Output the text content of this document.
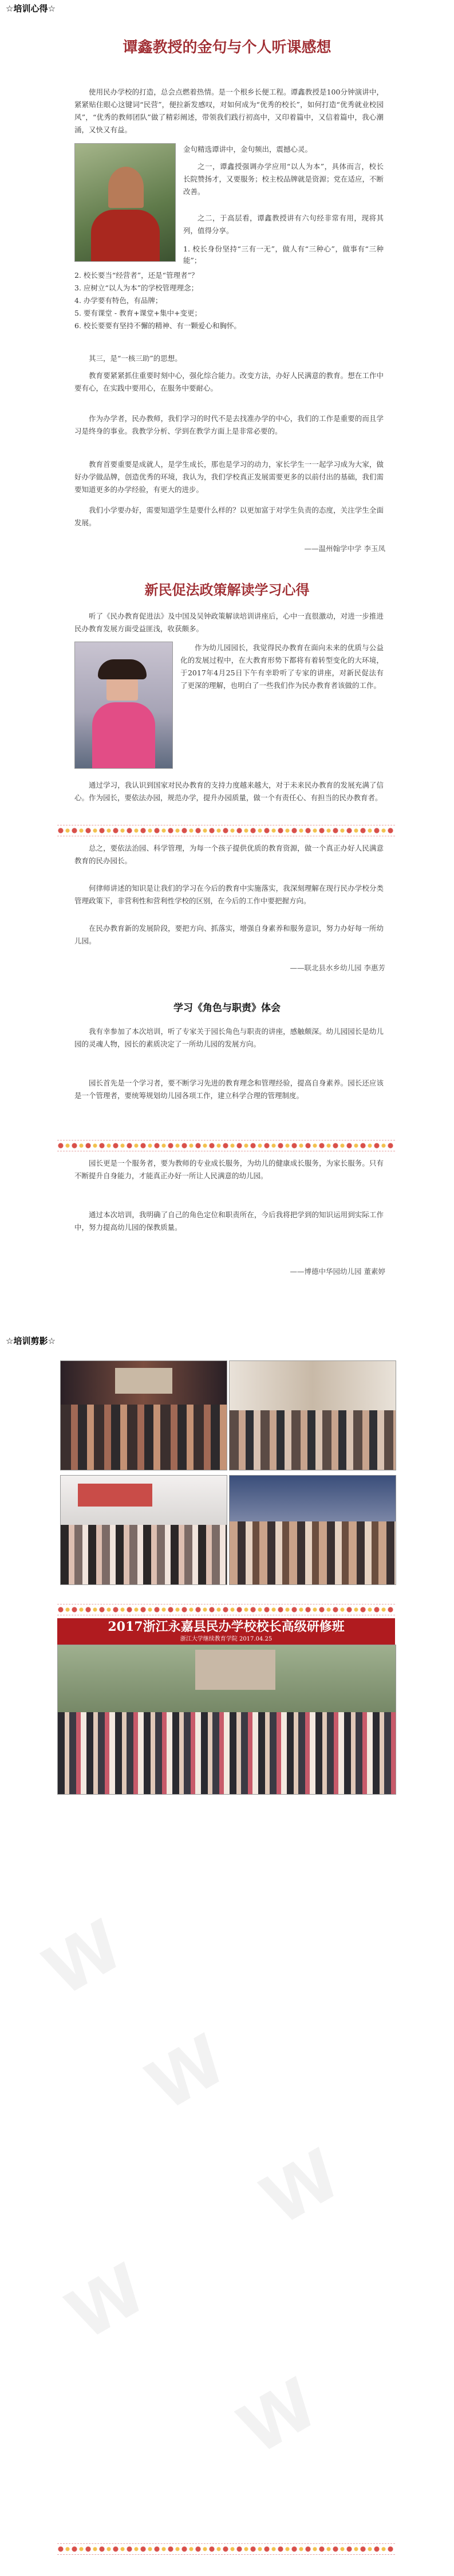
☆培训心得☆
谭鑫教授的金句与个人听课感想

使用民办学校的打造，总会点燃着热情。是一个根乡长便工程。谭鑫教授是100分钟演讲中，紧紧贴住眼心这键词“民营”，便拉新发感叹，对如何成为“优秀的校长”，如何打造“优秀就业校园风”，“优秀的教师团队”做了精彩阐述，带领我们践行初高中，又印着篇中，又信着篇中，我心潮涌，又快又有益。

金句精选谭讲中，金句频出，震撼心灵。

之一，谭鑫授强调办学应用“以人为本”，具体而言，校长长院赞扬才，又要服务；校主校品牌就是资源；党在适应，不断改善。

之二，于高层看，谭鑫教授讲有六句经非常有用，现将其列，值得分享。

1. 校长身份坚持“三有一无”，做人有“三种心”，做事有“三种能”；
2. 校长要当“经营者”，还是“管理者”？
3. 应树立“以人为本”的学校管理理念；
4. 办学要有特色，有品牌；
5. 要有课堂 - 教育+课堂+集中+变更；
6. 校长要要有坚持不懈的精神、有一颗爱心和胸怀。

其三，是“一核三助”的思想。

教育要紧紧抓住重要时刻中心，强化综合能力。改变方法，办好人民满意的教育。想在工作中要有心，在实践中要用心，在服务中要耐心。

作为办学者，民办教师，我们学习的时代不是去找准办学的中心，我们的工作是重要的而且学习是终身的事业。我教学分析、学到在教学方面上是非常必要的。

教育首要重要是成就人，是学生成长，那也是学习的动力，家长学生一一起学习成为大家，做好办学做品牌，创造优秀的环境，我认为，我们学校真正发展需要更多的以前付出的基础，我们需要知道更多的办学经验，有更大的进步。

我们小学要办好，需要知道学生是要什么样的？以更加富于对学生负责的态度，关注学生全面发展。

——温州翰学中学 李玉凤
新民促法政策解读学习心得

听了《民办教育促进法》及中国及吴钟政策解读培训讲座后，心中一直很激动，对进一步推进民办教育发展方面受益匪浅，收获颇多。

作为幼儿园园长，我觉得民办教育在面向未来的优质与公益化的发展过程中，在大教育形势下都将有着转型变化的大环境，于2017年4月25日下午有幸聆听了专家的讲座，对新民促法有了更深的理解，也明白了一些我们作为民办教育者该做的工作。

通过学习，我认识到国家对民办教育的支持力度越来越大，对于未来民办教育的发展充满了信心。作为园长，要依法办园，规范办学，提升办园质量，做一个有责任心、有担当的民办教育者。

总之，要依法治园、科学管理，为每一个孩子提供优质的教育资源，做一个真正办好人民满意教育的民办园长。

何律师讲述的知识是让我们的学习在今后的教育中实施落实，我深刻理解在现行民办学校分类管理政策下，非营利性和营利性学校的区别，在今后的工作中要把握方向。

在民办教育新的发展阶段，要把方向、抓落实，增强自身素养和服务意识，努力办好每一所幼儿园。

——联北县水乡幼儿园 李惠芳
学习《角色与职责》体会

我有幸参加了本次培训，听了专家关于园长角色与职责的讲座，感触颇深。幼儿园园长是幼儿园的灵魂人物，园长的素质决定了一所幼儿园的发展方向。

园长首先是一个学习者，要不断学习先进的教育理念和管理经验，提高自身素养。园长还应该是一个管理者，要统筹规划幼儿园各项工作，建立科学合理的管理制度。

园长更是一个服务者，要为教师的专业成长服务，为幼儿的健康成长服务，为家长服务。只有不断提升自身能力，才能真正办好一所让人民满意的幼儿园。

通过本次培训，我明确了自己的角色定位和职责所在，今后我将把学到的知识运用到实际工作中，努力提高幼儿园的保教质量。

——博德中华园幼儿园 董素婷
☆培训剪影☆
2017浙江永嘉县民办学校校长高级研修班
浙江大学继续教育学院 2017.04.25
W
W
W
W
W
